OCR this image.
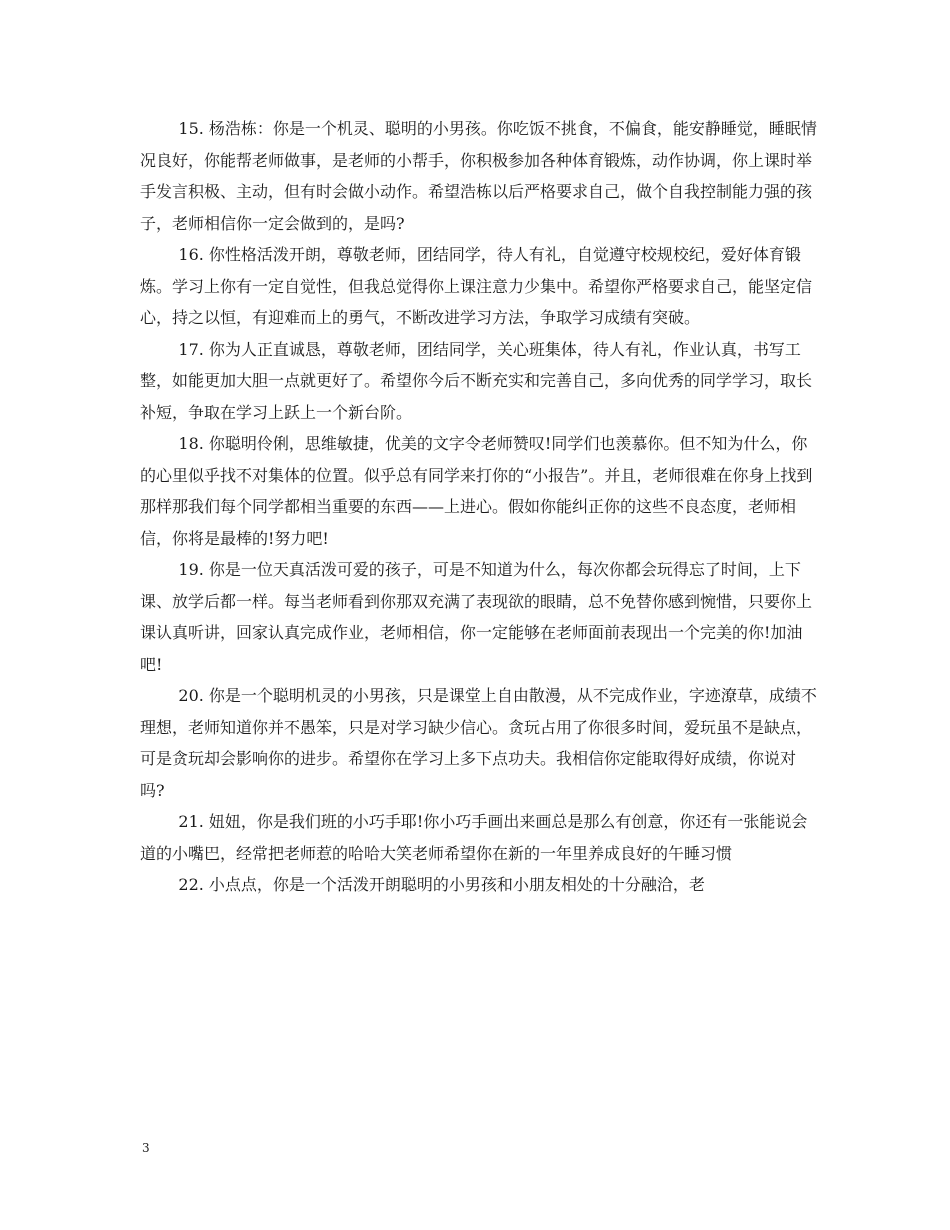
15. 杨浩栋：你是一个机灵、聪明的小男孩。你吃饭不挑食，不偏食，能安静睡觉，睡眠情况良好，你能帮老师做事，是老师的小帮手，你积极参加各种体育锻炼，动作协调，你上课时举手发言积极、主动，但有时会做小动作。希望浩栋以后严格要求自己，做个自我控制能力强的孩子，老师相信你一定会做到的，是吗?

16. 你性格活泼开朗，尊敬老师，团结同学，待人有礼，自觉遵守校规校纪，爱好体育锻炼。学习上你有一定自觉性，但我总觉得你上课注意力少集中。希望你严格要求自己，能坚定信心，持之以恒，有迎难而上的勇气，不断改进学习方法，争取学习成绩有突破。

17. 你为人正直诚恳，尊敬老师，团结同学，关心班集体，待人有礼，作业认真，书写工整，如能更加大胆一点就更好了。希望你今后不断充实和完善自己，多向优秀的同学学习，取长补短，争取在学习上跃上一个新台阶。

18. 你聪明伶俐，思维敏捷，优美的文字令老师赞叹!同学们也羡慕你。但不知为什么，你的心里似乎找不对集体的位置。似乎总有同学来打你的“小报告”。并且，老师很难在你身上找到那样那我们每个同学都相当重要的东西——上进心。假如你能纠正你的这些不良态度，老师相信，你将是最棒的!努力吧!

19. 你是一位天真活泼可爱的孩子，可是不知道为什么，每次你都会玩得忘了时间，上下课、放学后都一样。每当老师看到你那双充满了表现欲的眼睛，总不免替你感到惋惜，只要你上课认真听讲，回家认真完成作业，老师相信，你一定能够在老师面前表现出一个完美的你!加油吧!

20. 你是一个聪明机灵的小男孩，只是课堂上自由散漫，从不完成作业，字迹潦草，成绩不理想，老师知道你并不愚笨，只是对学习缺少信心。贪玩占用了你很多时间，爱玩虽不是缺点，可是贪玩却会影响你的进步。希望你在学习上多下点功夫。我相信你定能取得好成绩，你说对吗?

21. 妞妞，你是我们班的小巧手耶!你小巧手画出来画总是那么有创意，你还有一张能说会道的小嘴巴，经常把老师惹的哈哈大笑老师希望你在新的一年里养成良好的午睡习惯

22. 小点点，你是一个活泼开朗聪明的小男孩和小朋友相处的十分融洽，老

3
